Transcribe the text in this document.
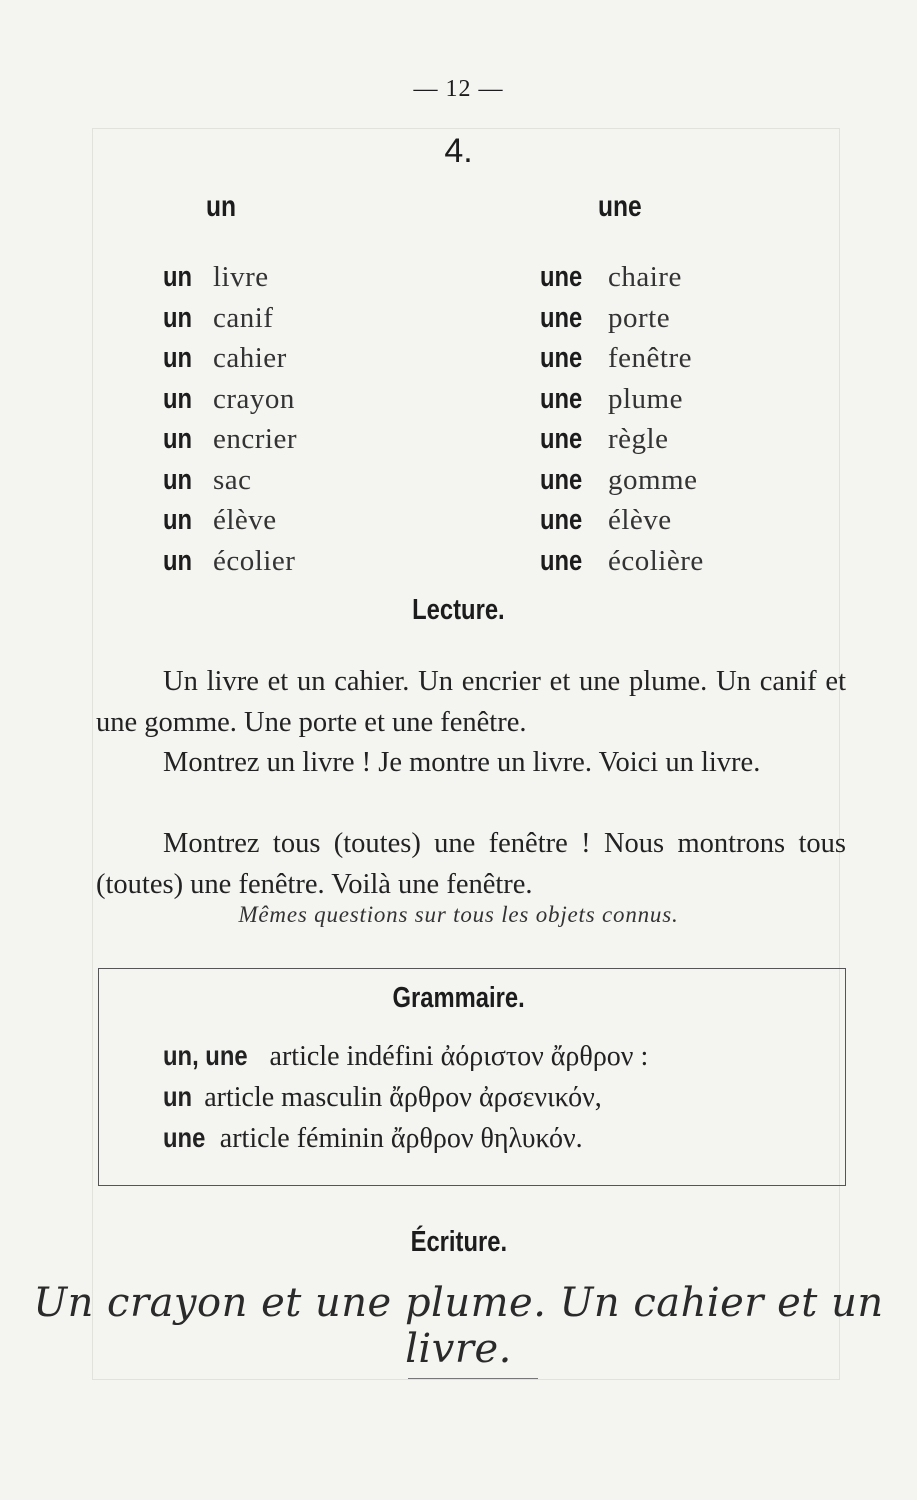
— 12 —
4.
un	une
un livre
un canif
un cahier
un crayon
un encrier
un sac
un élève
un écolier
une chaire
une porte
une fenêtre
une plume
une règle
une gomme
une élève
une écolière
Lecture.
Un livre et un cahier. Un encrier et une plume. Un canif et une gomme. Une porte et une fenêtre.
Montrez un livre ! Je montre un livre. Voici un livre.
Montrez tous (toutes) une fenêtre ! Nous montrons tous (toutes) une fenêtre. Voilà une fenêtre.
Mêmes questions sur tous les objets connus.
Grammaire.
un, une article indéfini ἀόριστον ἄρθρον :
un article masculin ἄρθρον ἀρσενικόν,
une article féminin ἄρθρον θηλυκόν.
Écriture.
Un crayon et une plume. Un cahier et un livre.
